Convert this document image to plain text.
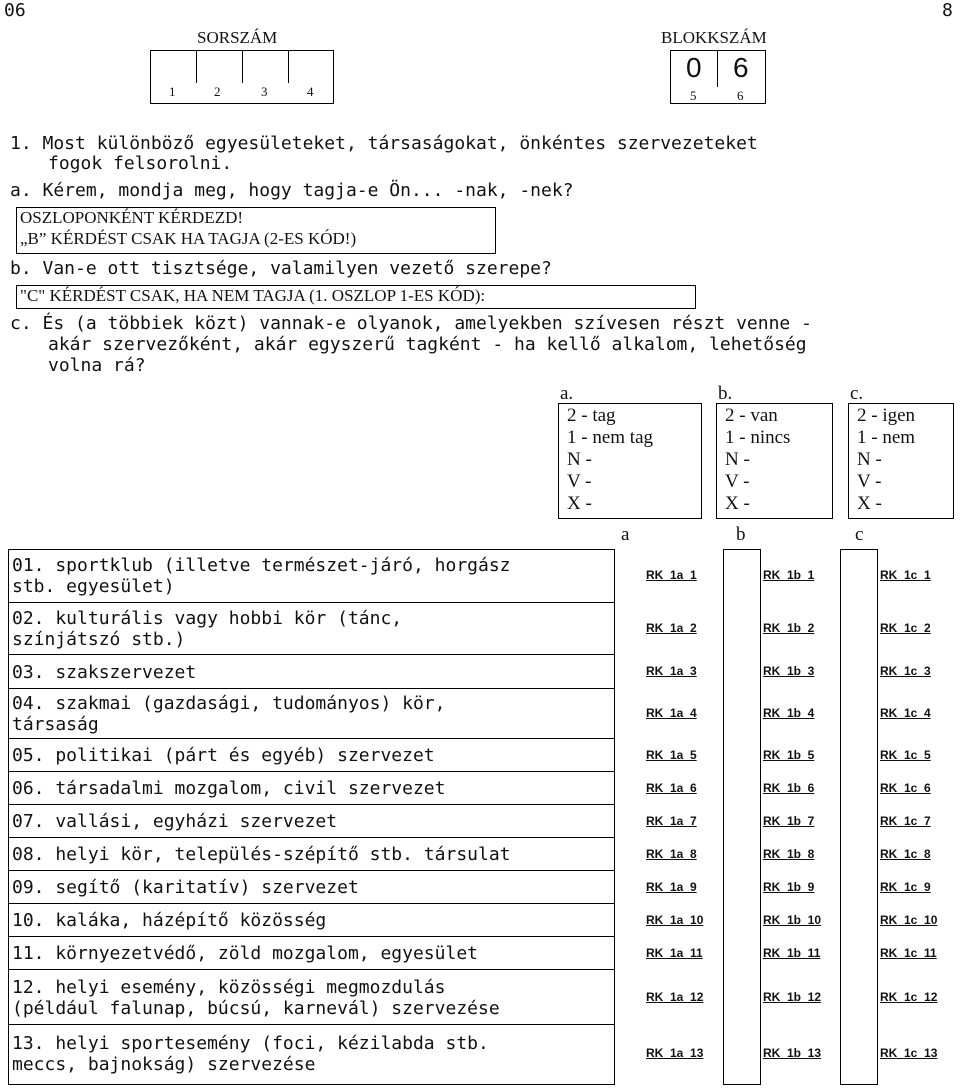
06	8
SORSZÁM
1	2	3	4
BLOKKSZÁM
0 6
5	6
1. Most különböző egyesületeket, társaságokat, önkéntes szervezeteket
fogok felsorolni.
a. Kérem, mondja meg, hogy tagja-e Ön... -nak, -nek?
OSZLOPONKÉNT KÉRDEZD!
„B” KÉRDÉST CSAK HA TAGJA (2-ES KÓD!)
b. Van-e ott tisztsége, valamilyen vezető szerepe?
"C" KÉRDÉST CSAK, HA NEM TAGJA (1. OSZLOP 1-ES KÓD):
c. És (a többiek közt) vannak-e olyanok, amelyekben szívesen részt venne -
akár szervezőként, akár egyszerű tagként - ha kellő alkalom, lehetőség
volna rá?
a.
2 - tag
1 - nem tag
N -
V -
X -
a
b.
2 - van
1 - nincs
N -
V -
X -
b
c.
2 - igen
1 - nem
N -
V -
X -
c
01. sportklub (illetve természet-járó, horgász
stb. egyesület)
RK_1a_1	RK_1b_1	RK_1c_1
02. kulturális vagy hobbi kör (tánc,
színjátszó stb.)
RK_1a_2	RK_1b_2	RK_1c_2
03. szakszervezet	RK_1a_3	RK_1b_3	RK_1c_3
04. szakmai (gazdasági, tudományos) kör,
társaság
RK_1a_4	RK_1b_4	RK_1c_4
05. politikai (párt és egyéb) szervezet	RK_1a_5	RK_1b_5	RK_1c_5
06. társadalmi mozgalom, civil szervezet	RK_1a_6	RK_1b_6	RK_1c_6
07. vallási, egyházi szervezet	RK_1a_7	RK_1b_7	RK_1c_7
08. helyi kör, település-szépítő stb. társulat	RK_1a_8	RK_1b_8	RK_1c_8
09. segítő (karitatív) szervezet	RK_1a_9	RK_1b_9	RK_1c_9
10. kaláka, házépítő közösség	RK_1a_10	RK_1b_10	RK_1c_10
11. környezetvédő, zöld mozgalom, egyesület	RK_1a_11	RK_1b_11	RK_1c_11
12. helyi esemény, közösségi megmozdulás
(például falunap, búcsú, karnevál) szervezése
RK_1a_12	RK_1b_12	RK_1c_12
13. helyi sportesemény (foci, kézilabda stb.
meccs, bajnokság) szervezése
RK_1a_13	RK_1b_13	RK_1c_13
